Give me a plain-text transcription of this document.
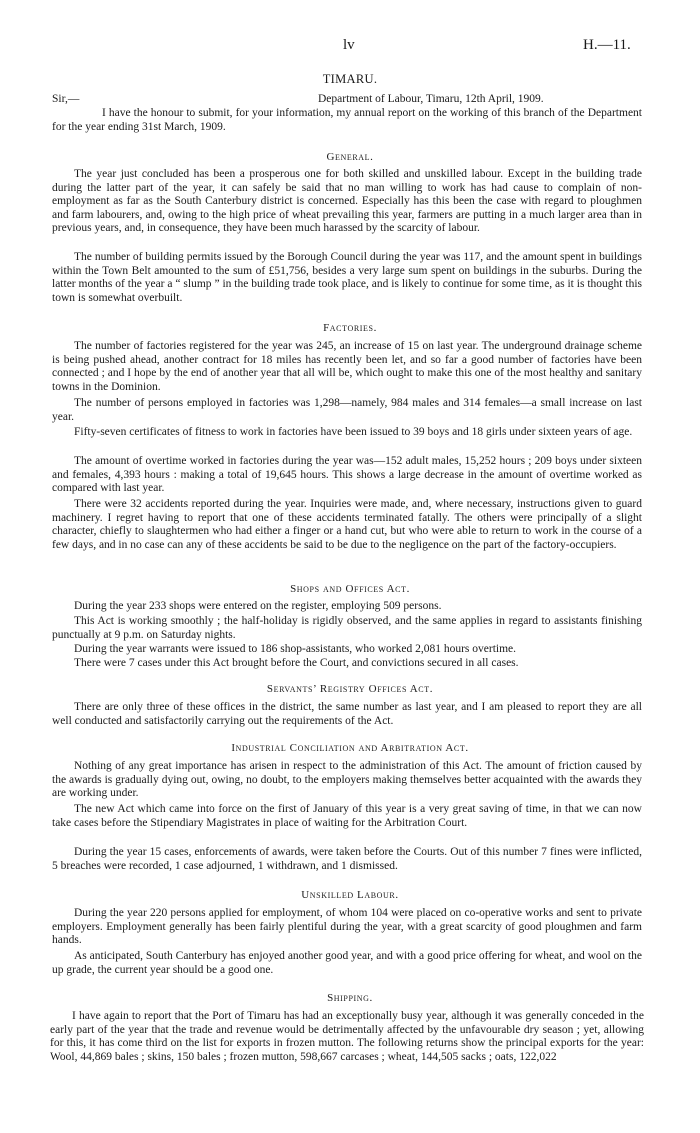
lv	H.—11.
TIMARU.
Sir,—	Department of Labour, Timaru, 12th April, 1909.
I have the honour to submit, for your information, my annual report on the working of this branch of the Department for the year ending 31st March, 1909.
General.
The year just concluded has been a prosperous one for both skilled and unskilled labour. Except in the building trade during the latter part of the year, it can safely be said that no man willing to work has had cause to complain of non-employment as far as the South Canterbury district is concerned. Especially has this been the case with regard to ploughmen and farm labourers, and, owing to the high price of wheat prevailing this year, farmers are putting in a much larger area than in previous years, and, in consequence, they have been much harassed by the scarcity of labour.
The number of building permits issued by the Borough Council during the year was 117, and the amount spent in buildings within the Town Belt amounted to the sum of £51,756, besides a very large sum spent on buildings in the suburbs. During the latter months of the year a “ slump ” in the building trade took place, and is likely to continue for some time, as it is thought this town is somewhat overbuilt.
Factories.
The number of factories registered for the year was 245, an increase of 15 on last year. The underground drainage scheme is being pushed ahead, another contract for 18 miles has recently been let, and so far a good number of factories have been connected ; and I hope by the end of another year that all will be, which ought to make this one of the most healthy and sanitary towns in the Dominion.
The number of persons employed in factories was 1,298—namely, 984 males and 314 females—a small increase on last year.
Fifty-seven certificates of fitness to work in factories have been issued to 39 boys and 18 girls under sixteen years of age.
The amount of overtime worked in factories during the year was—152 adult males, 15,252 hours ; 209 boys under sixteen and females, 4,393 hours : making a total of 19,645 hours. This shows a large decrease in the amount of overtime worked as compared with last year.
There were 32 accidents reported during the year. Inquiries were made, and, where necessary, instructions given to guard machinery. I regret having to report that one of these accidents terminated fatally. The others were principally of a slight character, chiefly to slaughtermen who had either a finger or a hand cut, but who were able to return to work in the course of a few days, and in no case can any of these accidents be said to be due to the negligence on the part of the factory-occupiers.
Shops and Offices Act.
During the year 233 shops were entered on the register, employing 509 persons.
This Act is working smoothly ; the half-holiday is rigidly observed, and the same applies in regard to assistants finishing punctually at 9 p.m. on Saturday nights.
During the year warrants were issued to 186 shop-assistants, who worked 2,081 hours overtime.
There were 7 cases under this Act brought before the Court, and convictions secured in all cases.
Servants’ Registry Offices Act.
There are only three of these offices in the district, the same number as last year, and I am pleased to report they are all well conducted and satisfactorily carrying out the requirements of the Act.
Industrial Conciliation and Arbitration Act.
Nothing of any great importance has arisen in respect to the administration of this Act. The amount of friction caused by the awards is gradually dying out, owing, no doubt, to the employers making themselves better acquainted with the awards they are working under.
The new Act which came into force on the first of January of this year is a very great saving of time, in that we can now take cases before the Stipendiary Magistrates in place of waiting for the Arbitration Court.
During the year 15 cases, enforcements of awards, were taken before the Courts. Out of this number 7 fines were inflicted, 5 breaches were recorded, 1 case adjourned, 1 withdrawn, and 1 dismissed.
Unskilled Labour.
During the year 220 persons applied for employment, of whom 104 were placed on co-operative works and sent to private employers. Employment generally has been fairly plentiful during the year, with a great scarcity of good ploughmen and farm hands.
As anticipated, South Canterbury has enjoyed another good year, and with a good price offering for wheat, and wool on the up grade, the current year should be a good one.
Shipping.
I have again to report that the Port of Timaru has had an exceptionally busy year, although it was generally conceded in the early part of the year that the trade and revenue would be detrimentally affected by the unfavourable dry season ; yet, allowing for this, it has come third on the list for exports in frozen mutton. The following returns show the principal exports for the year: Wool, 44,869 bales ; skins, 150 bales ; frozen mutton, 598,667 carcases ; wheat, 144,505 sacks ; oats, 122,022
